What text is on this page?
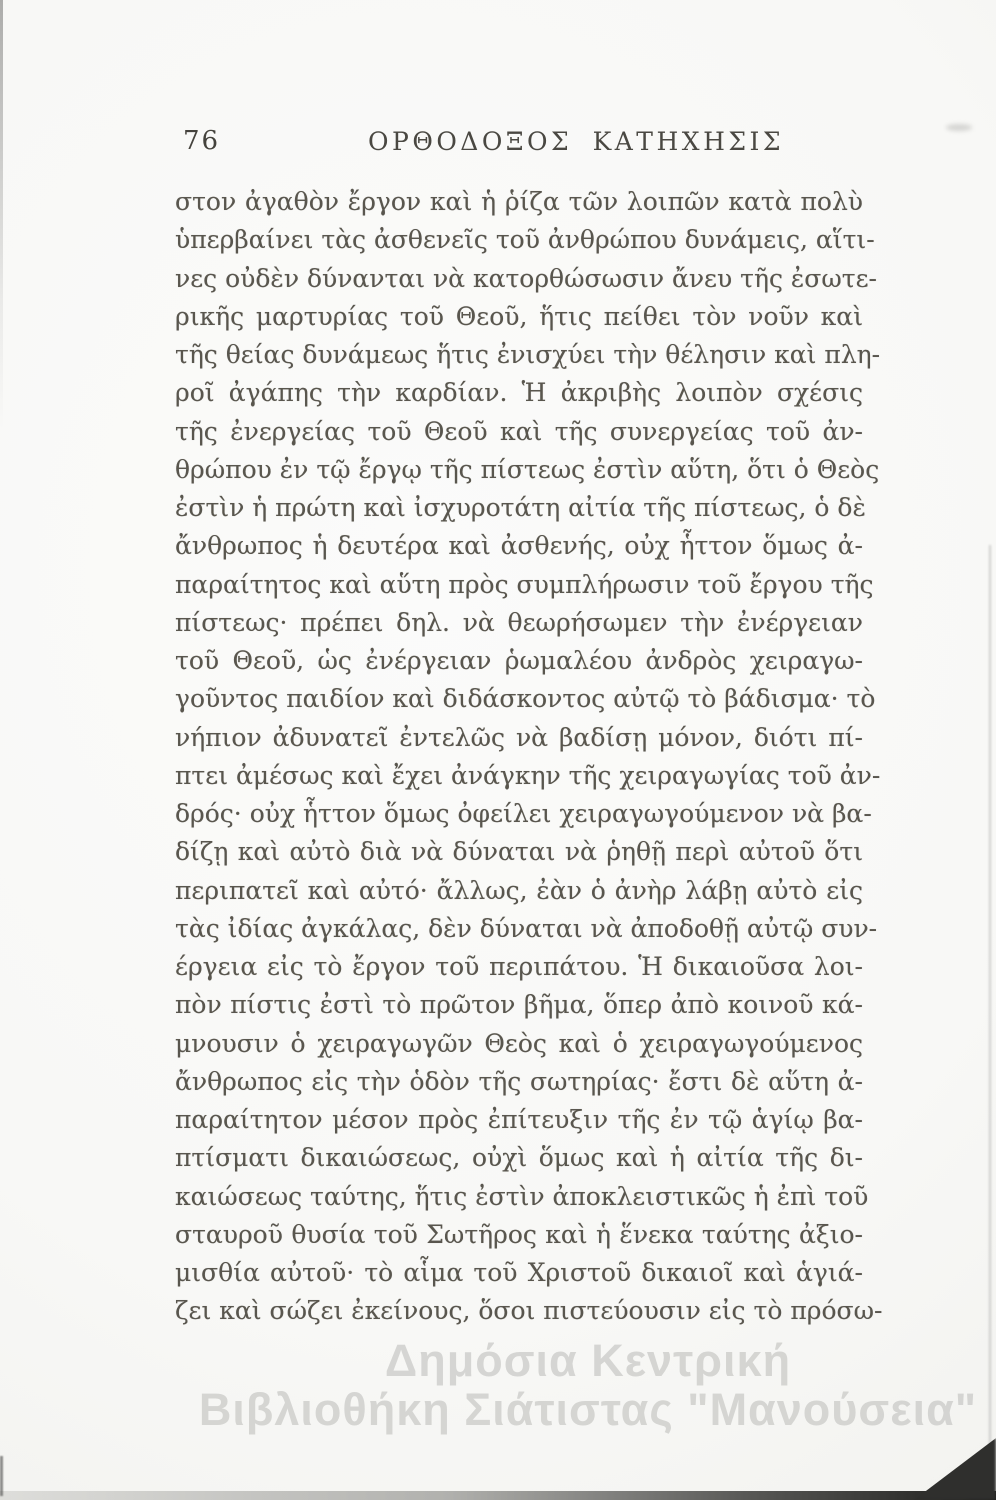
76	ΟΡΘΟΔΟΞΟΣ ΚΑΤΗΧΗΣΙΣ
στον ἀγαθὸν ἔργον καὶ ἡ ῥίζα τῶν λοιπῶν κατὰ πολὺ
ὑπερβαίνει τὰς ἀσθενεῖς τοῦ ἀνθρώπου δυνάμεις, αἵτι-
νες οὐδὲν δύνανται νὰ κατορθώσωσιν ἄνευ τῆς ἐσωτε-
ρικῆς μαρτυρίας τοῦ Θεοῦ, ἥτις πείθει τὸν νοῦν καὶ
τῆς θείας δυνάμεως ἥτις ἐνισχύει τὴν θέλησιν καὶ πλη-
ροῖ ἀγάπης τὴν καρδίαν. Ἡ ἀκριβὴς λοιπὸν σχέσις
τῆς ἐνεργείας τοῦ Θεοῦ καὶ τῆς συνεργείας τοῦ ἀν-
θρώπου ἐν τῷ ἔργῳ τῆς πίστεως ἐστὶν αὕτη, ὅτι ὁ Θεὸς
ἐστὶν ἡ πρώτη καὶ ἰσχυροτάτη αἰτία τῆς πίστεως, ὁ δὲ
ἄνθρωπος ἡ δευτέρα καὶ ἀσθενής, οὐχ ἧττον ὅμως ἀ-
παραίτητος καὶ αὕτη πρὸς συμπλήρωσιν τοῦ ἔργου τῆς
πίστεως· πρέπει δηλ. νὰ θεωρήσωμεν τὴν ἐνέργειαν
τοῦ Θεοῦ, ὡς ἐνέργειαν ῥωμαλέου ἀνδρὸς χειραγω-
γοῦντος παιδίον καὶ διδάσκοντος αὐτῷ τὸ βάδισμα· τὸ
νήπιον ἀδυνατεῖ ἐντελῶς νὰ βαδίσῃ μόνον, διότι πί-
πτει ἀμέσως καὶ ἔχει ἀνάγκην τῆς χειραγωγίας τοῦ ἀν-
δρός· οὐχ ἧττον ὅμως ὀφείλει χειραγωγούμενον νὰ βα-
δίζῃ καὶ αὐτὸ διὰ νὰ δύναται νὰ ῥηθῇ περὶ αὐτοῦ ὅτι
περιπατεῖ καὶ αὐτό· ἄλλως, ἐὰν ὁ ἀνὴρ λάβῃ αὐτὸ εἰς
τὰς ἰδίας ἀγκάλας, δὲν δύναται νὰ ἀποδοθῇ αὐτῷ συν-
έργεια εἰς τὸ ἔργον τοῦ περιπάτου. Ἡ δικαιοῦσα λοι-
πὸν πίστις ἐστὶ τὸ πρῶτον βῆμα, ὅπερ ἀπὸ κοινοῦ κά-
μνουσιν ὁ χειραγωγῶν Θεὸς καὶ ὁ χειραγωγούμενος
ἄνθρωπος εἰς τὴν ὁδὸν τῆς σωτηρίας· ἔστι δὲ αὕτη ἀ-
παραίτητον μέσον πρὸς ἐπίτευξιν τῆς ἐν τῷ ἁγίῳ βα-
πτίσματι δικαιώσεως, οὐχὶ ὅμως καὶ ἡ αἰτία τῆς δι-
καιώσεως ταύτης, ἥτις ἐστὶν ἀποκλειστικῶς ἡ ἐπὶ τοῦ
σταυροῦ θυσία τοῦ Σωτῆρος καὶ ἡ ἕνεκα ταύτης ἀξιο-
μισθία αὐτοῦ· τὸ αἷμα τοῦ Χριστοῦ δικαιοῖ καὶ ἁγιά-
ζει καὶ σώζει ἐκείνους, ὅσοι πιστεύουσιν εἰς τὸ πρόσω-
Δημόσια Κεντρική
Βιβλιοθήκη Σιάτιστας "Μανούσεια"
